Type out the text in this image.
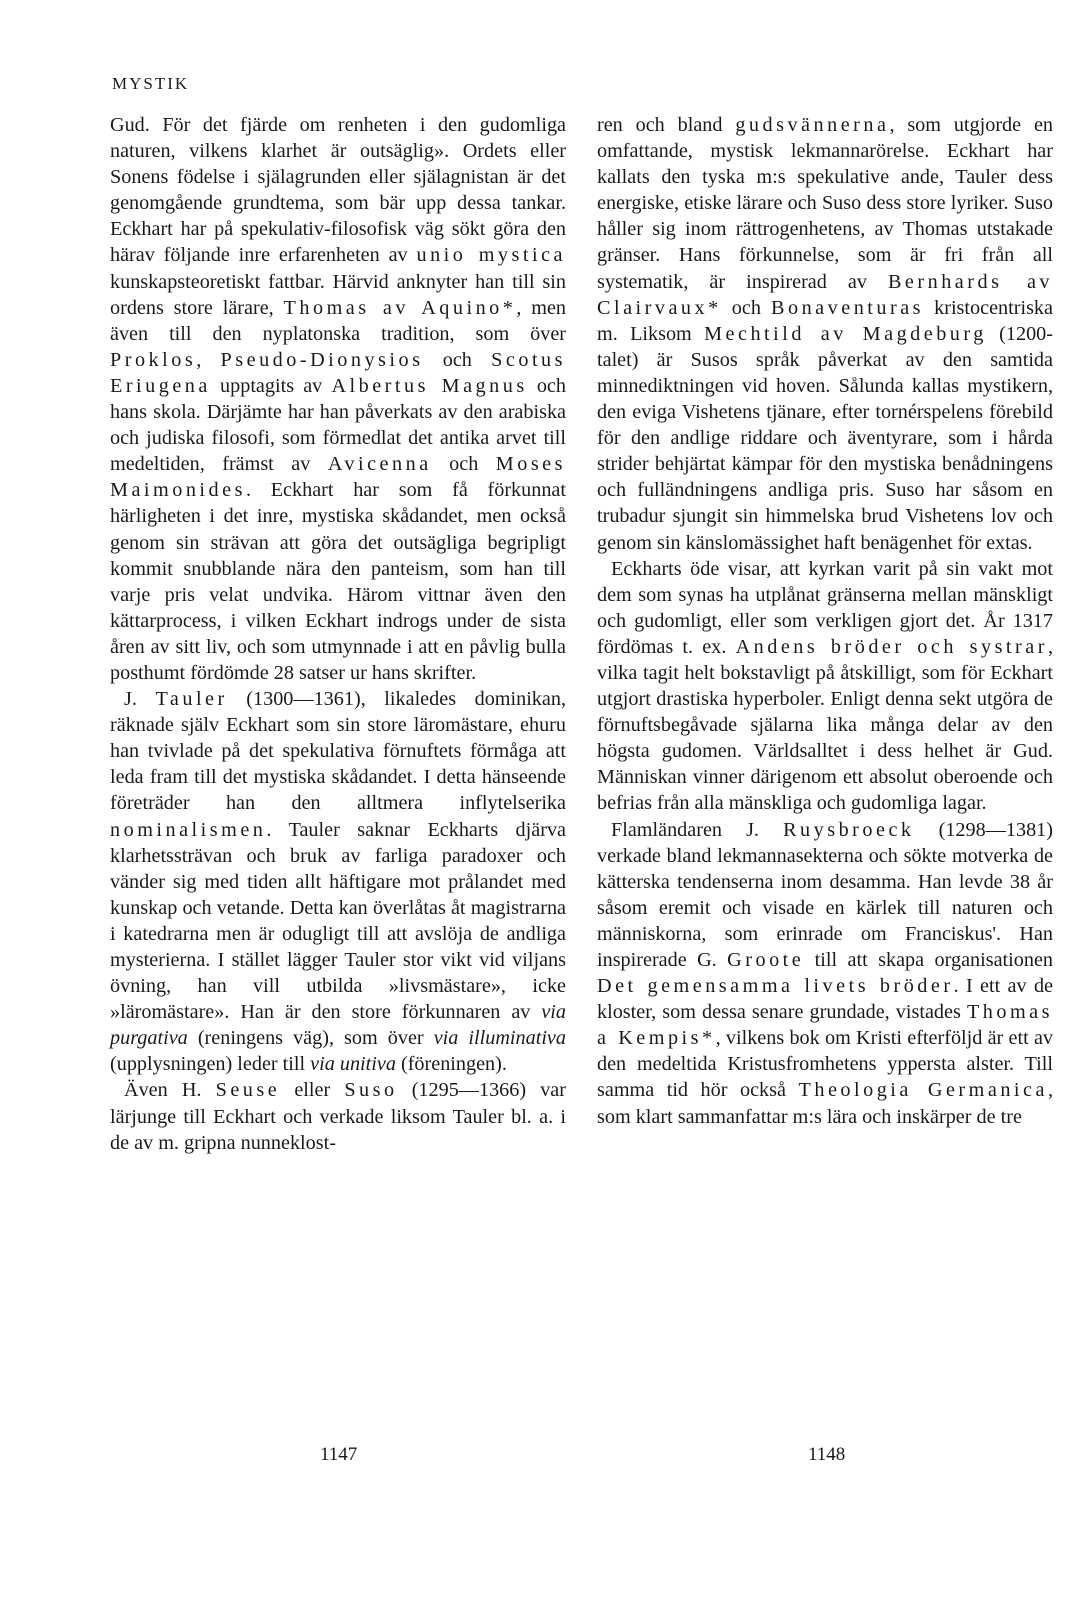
MYSTIK

Gud. För det fjärde om renheten i den gudomliga naturen, vilkens klarhet är outsäglig». Ordets eller Sonens födelse i själagrunden eller själagnistan är det genomgående grundtema, som bär upp dessa tankar. Eckhart har på spekulativ-filosofisk väg sökt göra den härav följande inre erfarenheten av unio mystica kunskapsteoretiskt fattbar. Härvid anknyter han till sin ordens store lärare, Thomas av Aquino*, men även till den nyplatonska tradition, som över Proklos, Pseudo-Dionysios och Scotus Eriugena upptagits av Albertus Magnus och hans skola. Därjämte har han påverkats av den arabiska och judiska filosofi, som förmedlat det antika arvet till medeltiden, främst av Avicenna och Moses Maimonides. Eckhart har som få förkunnat härligheten i det inre, mystiska skådandet, men också genom sin strävan att göra det outsägliga begripligt kommit snubblande nära den panteism, som han till varje pris velat undvika. Härom vittnar även den kättarprocess, i vilken Eckhart indrogs under de sista åren av sitt liv, och som utmynnade i att en påvlig bulla posthumt fördömde 28 satser ur hans skrifter.

J. Tauler (1300—1361), likaledes dominikan, räknade själv Eckhart som sin store läromästare, ehuru han tvivlade på det spekulativa förnuftets förmåga att leda fram till det mystiska skådandet. I detta hänseende företräder han den alltmera inflytelserika nominalismen. Tauler saknar Eckharts djärva klarhetssträvan och bruk av farliga paradoxer och vänder sig med tiden allt häftigare mot prålandet med kunskap och vetande. Detta kan överlåtas åt magistrarna i katedrarna men är odugligt till att avslöja de andliga mysterierna. I stället lägger Tauler stor vikt vid viljans övning, han vill utbilda »livsmästare», icke »läromästare». Han är den store förkunnaren av via purgativa (reningens väg), som över via illuminativa (upplysningen) leder till via unitiva (föreningen).

Även H. Seuse eller Suso (1295—1366) var lärjunge till Eckhart och verkade liksom Tauler bl. a. i de av m. gripna nunneklost-

ren och bland gudsvännerna, som utgjorde en omfattande, mystisk lekmannarörelse. Eckhart har kallats den tyska m:s spekulative ande, Tauler dess energiske, etiske lärare och Suso dess store lyriker. Suso håller sig inom rättrogenhetens, av Thomas utstakade gränser. Hans förkunnelse, som är fri från all systematik, är inspirerad av Bernhards av Clairvaux* och Bonaventuras kristocentriska m. Liksom Mechtild av Magdeburg (1200-talet) är Susos språk påverkat av den samtida minnediktningen vid hoven. Sålunda kallas mystikern, den eviga Vishetens tjänare, efter tornérspelens förebild för den andlige riddare och äventyrare, som i hårda strider behjärtat kämpar för den mystiska benådningens och fulländningens andliga pris. Suso har såsom en trubadur sjungit sin himmelska brud Vishetens lov och genom sin känslomässighet haft benägenhet för extas.

Eckharts öde visar, att kyrkan varit på sin vakt mot dem som synas ha utplånat gränserna mellan mänskligt och gudomligt, eller som verkligen gjort det. År 1317 fördömas t. ex. Andens bröder och systrar, vilka tagit helt bokstavligt på åtskilligt, som för Eckhart utgjort drastiska hyperboler. Enligt denna sekt utgöra de förnuftsbegåvade själarna lika många delar av den högsta gudomen. Världsalltet i dess helhet är Gud. Människan vinner därigenom ett absolut oberoende och befrias från alla mänskliga och gudomliga lagar.

Flamländaren J. Ruysbroeck (1298—1381) verkade bland lekmannasekterna och sökte motverka de kätterska tendenserna inom desamma. Han levde 38 år såsom eremit och visade en kärlek till naturen och människorna, som erinrade om Franciskus'. Han inspirerade G. Groote till att skapa organisationen Det gemensamma livets bröder. I ett av de kloster, som dessa senare grundade, vistades Thomas a Kempis*, vilkens bok om Kristi efterföljd är ett av den medeltida Kristusfromhetens yppersta alster. Till samma tid hör också Theologia Germanica, som klart sammanfattar m:s lära och inskärper de tre

1147	1148
